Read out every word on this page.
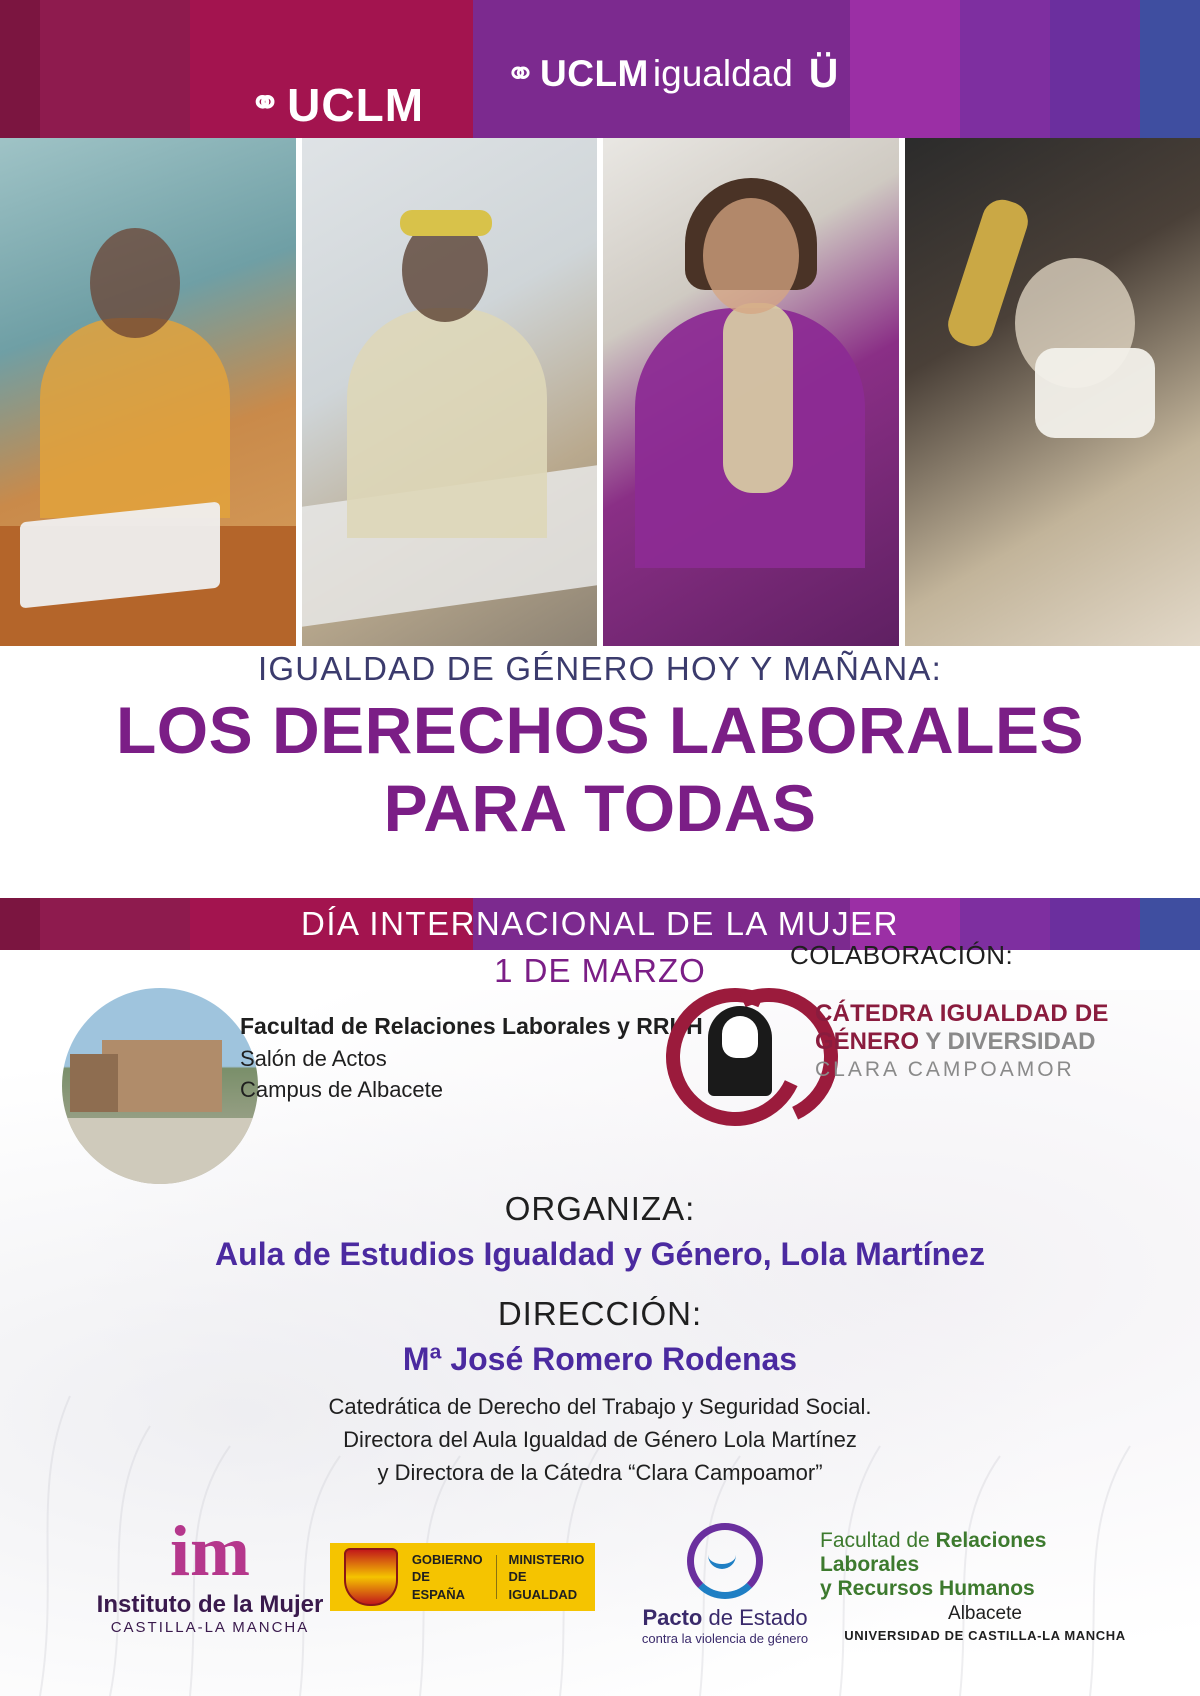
⚭ UCLM
⚭ UCLM igualdad Ü
IGUALDAD DE GÉNERO HOY Y MAÑANA:
LOS DERECHOS LABORALES
PARA TODAS
DÍA INTERNACIONAL DE LA MUJER
1 DE MARZO
Facultad de Relaciones Laborales y RRHH
Salón de Actos
Campus de Albacete
COLABORACIÓN:
CÁTEDRA IGUALDAD DE
GÉNERO Y DIVERSIDAD
CLARA CAMPOAMOR
ORGANIZA:
Aula de Estudios Igualdad y Género, Lola Martínez
DIRECCIÓN:
Mª José Romero Rodenas
Catedrática de Derecho del Trabajo y Seguridad Social.
Directora del Aula Igualdad de Género Lola Martínez
y Directora de la Cátedra “Clara Campoamor”
im
Instituto de la Mujer
CASTILLA-LA MANCHA
GOBIERNO
DE ESPAÑA
MINISTERIO
DE IGUALDAD
Pacto de Estado
contra la violencia de género
Facultad de Relaciones Laborales
y Recursos Humanos
Albacete
UNIVERSIDAD DE CASTILLA-LA MANCHA
